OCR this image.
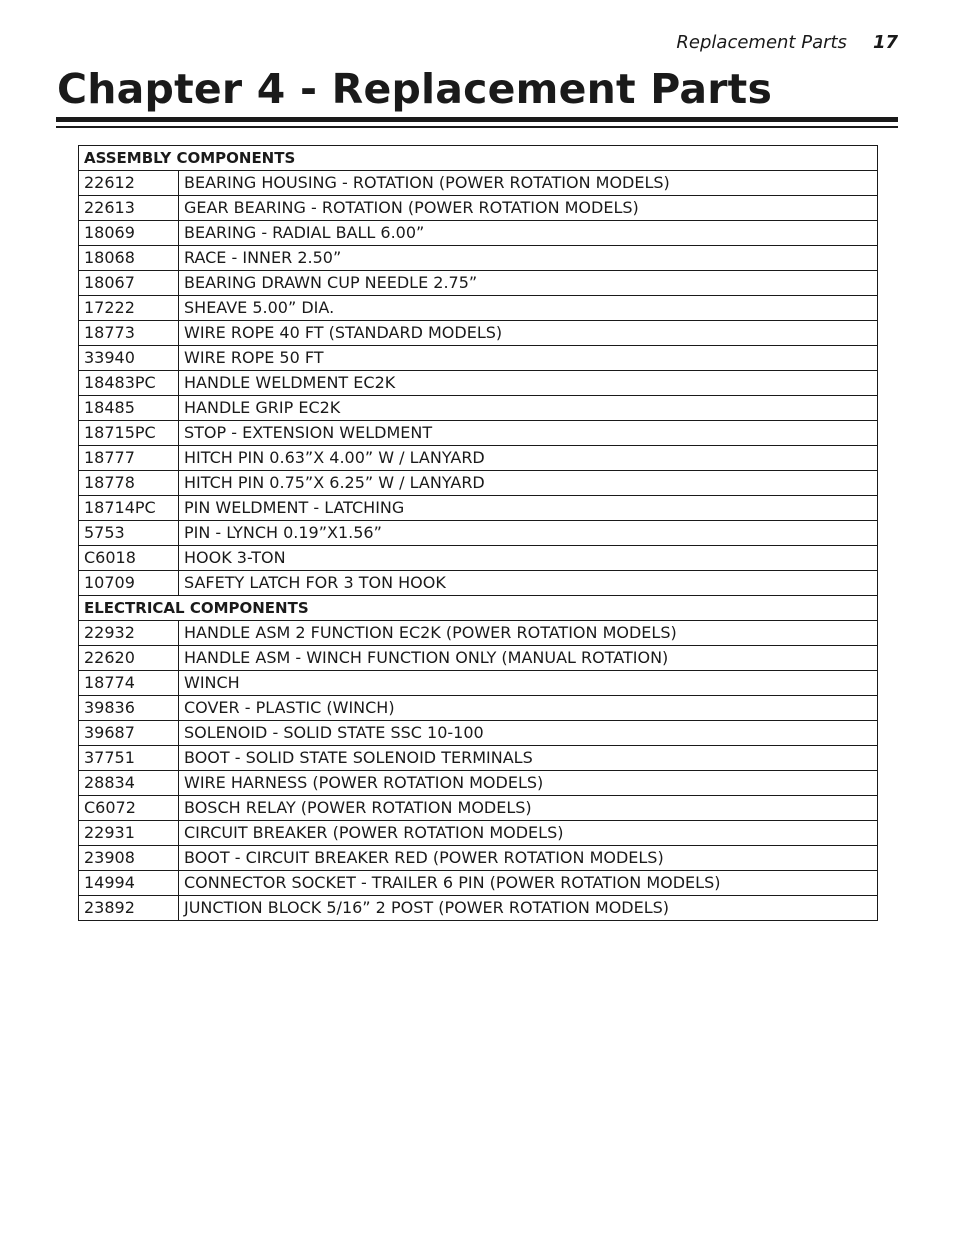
Replacement Parts 17
Chapter 4 - Replacement Parts
ASSEMBLY COMPONENTS	
22612	BEARING HOUSING - ROTATION (POWER ROTATION MODELS)
22613	GEAR BEARING - ROTATION (POWER ROTATION MODELS)
18069	BEARING - RADIAL BALL 6.00”
18068	RACE - INNER 2.50”
18067	BEARING DRAWN CUP NEEDLE 2.75”
17222	SHEAVE 5.00” DIA.
18773	WIRE ROPE 40 FT (STANDARD MODELS)
33940	WIRE ROPE 50 FT
18483PC	HANDLE WELDMENT EC2K
18485	HANDLE GRIP EC2K
18715PC	STOP - EXTENSION WELDMENT
18777	HITCH PIN 0.63”X 4.00” W / LANYARD
18778	HITCH PIN 0.75”X 6.25” W / LANYARD
18714PC	PIN WELDMENT - LATCHING
5753	PIN - LYNCH 0.19”X1.56”
C6018	HOOK 3-TON
10709	SAFETY LATCH FOR 3 TON HOOK
ELECTRICAL COMPONENTS	
22932	HANDLE ASM 2 FUNCTION EC2K (POWER ROTATION MODELS)
22620	HANDLE ASM - WINCH FUNCTION ONLY (MANUAL ROTATION)
18774	WINCH
39836	COVER - PLASTIC (WINCH)
39687	SOLENOID - SOLID STATE SSC 10-100
37751	BOOT - SOLID STATE SOLENOID TERMINALS
28834	WIRE HARNESS (POWER ROTATION MODELS)
C6072	BOSCH RELAY (POWER ROTATION MODELS)
22931	CIRCUIT BREAKER (POWER ROTATION MODELS)
23908	BOOT - CIRCUIT BREAKER RED (POWER ROTATION MODELS)
14994	CONNECTOR SOCKET - TRAILER 6 PIN (POWER ROTATION MODELS)
23892	JUNCTION BLOCK 5/16” 2 POST (POWER ROTATION MODELS)
